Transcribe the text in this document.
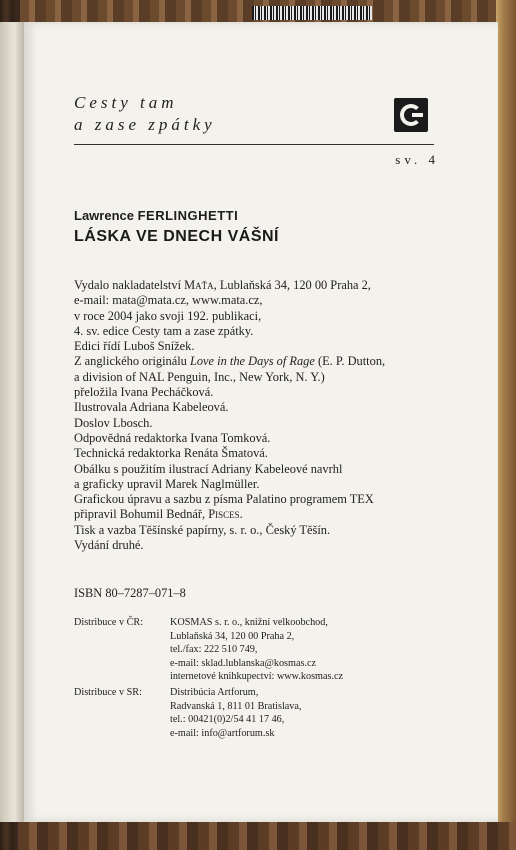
Cesty tam
a zase zpátky
sv. 4
Lawrence FERLINGHETTI
LÁSKA VE DNECH VÁŠNÍ
Vydalo nakladatelství Maťa, Lublaňská 34, 120 00 Praha 2,
e-mail: mata@mata.cz, www.mata.cz,
v roce 2004 jako svoji 192. publikaci,
4. sv. edice Cesty tam a zase zpátky.
Edici řídí Luboš Snížek.
Z anglického originálu Love in the Days of Rage (E. P. Dutton,
a division of NAL Penguin, Inc., New York, N. Y.)
přeložila Ivana Pecháčková.
Ilustrovala Adriana Kabeleová.
Doslov Lbosch.
Odpovědná redaktorka Ivana Tomková.
Technická redaktorka Renáta Šmatová.
Obálku s použitím ilustrací Adriany Kabeleové navrhl
a graficky upravil Marek Naglmüller.
Grafickou úpravu a sazbu z písma Palatino programem TEX
připravil Bohumil Bednář, Pisces.
Tisk a vazba Těšínské papírny, s. r. o., Český Těšín.
Vydání druhé.
ISBN 80–7287–071–8
Distribuce v ČR:	KOSMAS s. r. o., knižní velkoobchod,
Lublaňská 34, 120 00 Praha 2,
tel./fax: 222 510 749,
e-mail: sklad.lublanska@kosmas.cz
internetové knihkupectví: www.kosmas.cz
Distribuce v SR:	Distribúcia Artforum,
Radvanská 1, 811 01 Bratislava,
tel.: 00421(0)2/54 41 17 46,
e-mail: info@artforum.sk
